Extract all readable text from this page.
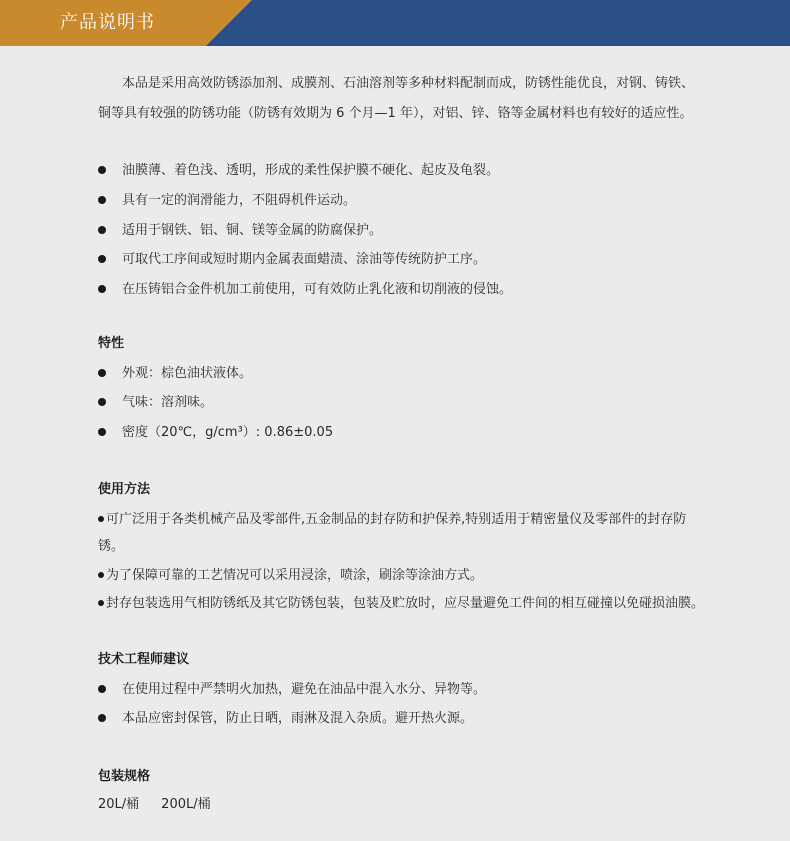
产品说明书

本品是采用高效防锈添加剂、成膜剂、石油溶剂等多种材料配制而成，防锈性能优良，对钢、铸铁、

铜等具有较强的防锈功能（防锈有效期为 6 个月—1 年），对铝、锌、铬等金属材料也有较好的适应性。

油膜薄、着色浅、透明，形成的柔性保护膜不硬化、起皮及龟裂。
具有一定的润滑能力，不阻碍机件运动。
适用于钢铁、铝、铜、镁等金属的防腐保护。
可取代工序间或短时期内金属表面蜡渍、涂油等传统防护工序。
在压铸铝合金件机加工前使用，可有效防止乳化液和切削液的侵蚀。
特性
外观：棕色油状液体。
气味：溶剂味。
密度（20℃，g/cm³）: 0.86±0.05
使用方法
可广泛用于各类机械产品及零部件,五金制品的封存防和护保养,特别适用于精密量仪及零部件的封存防
锈。
为了保障可靠的工艺情况可以采用浸涂，喷涂，刷涂等涂油方式。
封存包装选用气相防锈纸及其它防锈包装，包装及贮放时，应尽量避免工件间的相互碰撞以免碰损油膜。
技术工程师建议
在使用过程中严禁明火加热，避免在油品中混入水分、异物等。
本品应密封保管，防止日晒，雨淋及混入杂质。避开热火源。
包装规格
20L/桶 200L/桶
